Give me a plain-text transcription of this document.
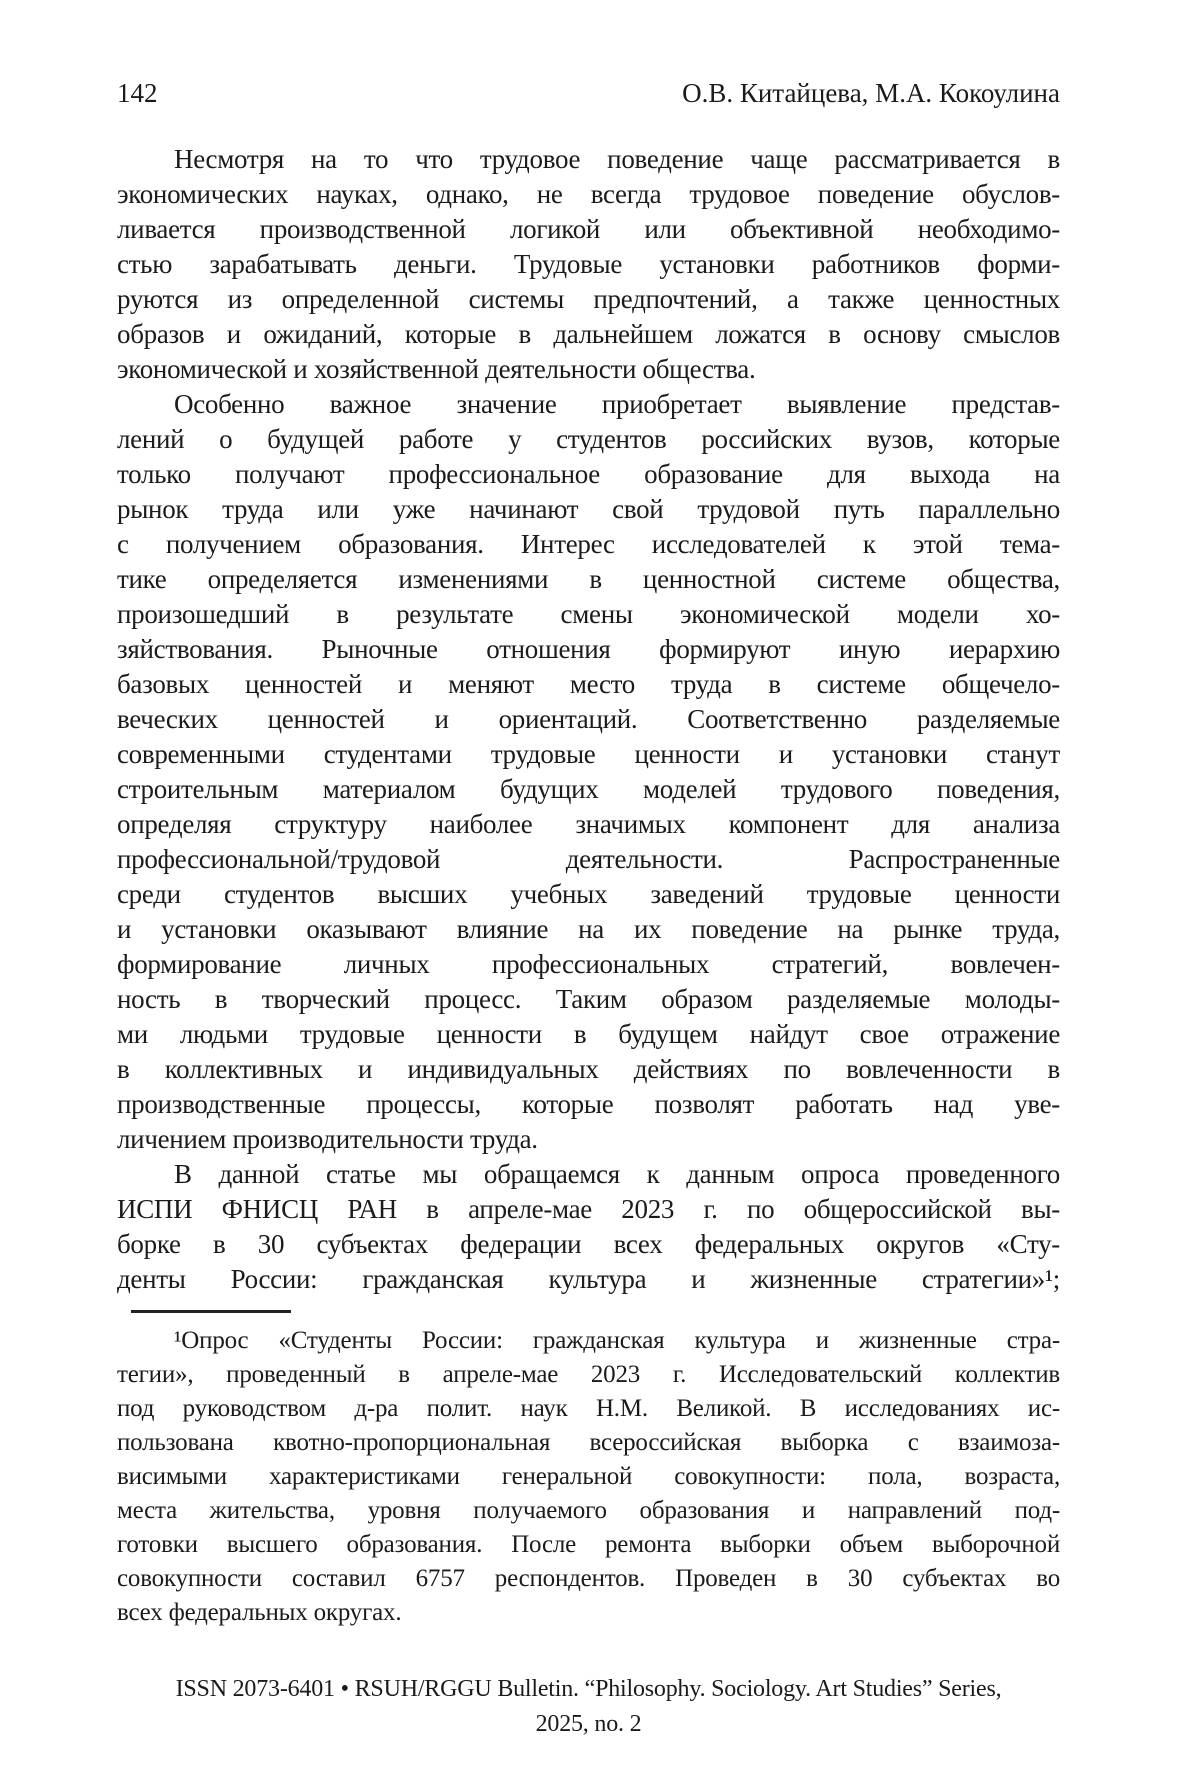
142	О.В. Китайцева, М.А. Кокоулина
Несмотря на то что трудовое поведение чаще рассматривается в
экономических науках, однако, не всегда трудовое поведение обуслов-
ливается производственной логикой или объективной необходимо-
стью зарабатывать деньги. Трудовые установки работников форми-
руются из определенной системы предпочтений, а также ценностных
образов и ожиданий, которые в дальнейшем ложатся в основу смыслов
экономической и хозяйственной деятельности общества.
Особенно важное значение приобретает выявление представ-
лений о будущей работе у студентов российских вузов, которые
только получают профессиональное образование для выхода на
рынок труда или уже начинают свой трудовой путь параллельно
с получением образования. Интерес исследователей к этой тема-
тике определяется изменениями в ценностной системе общества,
произошедший в результате смены экономической модели хо-
зяйствования. Рыночные отношения формируют иную иерархию
базовых ценностей и меняют место труда в системе общечело-
веческих ценностей и ориентаций. Соответственно разделяемые
современными студентами трудовые ценности и установки станут
строительным материалом будущих моделей трудового поведения,
определяя структуру наиболее значимых компонент для анализа
профессиональной/трудовой деятельности. Распространенные
среди студентов высших учебных заведений трудовые ценности
и установки оказывают влияние на их поведение на рынке труда,
формирование личных профессиональных стратегий, вовлечен-
ность в творческий процесс. Таким образом разделяемые молоды-
ми людьми трудовые ценности в будущем найдут свое отражение
в коллективных и индивидуальных действиях по вовлеченности в
производственные процессы, которые позволят работать над уве-
личением производительности труда.
В данной статье мы обращаемся к данным опроса проведенного
ИСПИ ФНИСЦ РАН в апреле-мае 2023 г. по общероссийской вы-
борке в 30 субъектах федерации всех федеральных округов «Сту-
денты России: гражданская культура и жизненные стратегии»¹;
¹Опрос «Студенты России: гражданская культура и жизненные стра-
тегии», проведенный в апреле-мае 2023 г. Исследовательский коллектив
под руководством д-ра полит. наук Н.М. Великой. В исследованиях ис-
пользована квотно-пропорциональная всероссийская выборка с взаимоза-
висимыми характеристиками генеральной совокупности: пола, возраста,
места жительства, уровня получаемого образования и направлений под-
готовки высшего образования. После ремонта выборки объем выборочной
совокупности составил 6757 респондентов. Проведен в 30 субъектах во
всех федеральных округах.
ISSN 2073-6401 • RSUH/RGGU Bulletin. “Philosophy. Sociology. Art Studies” Series,
2025, no. 2
